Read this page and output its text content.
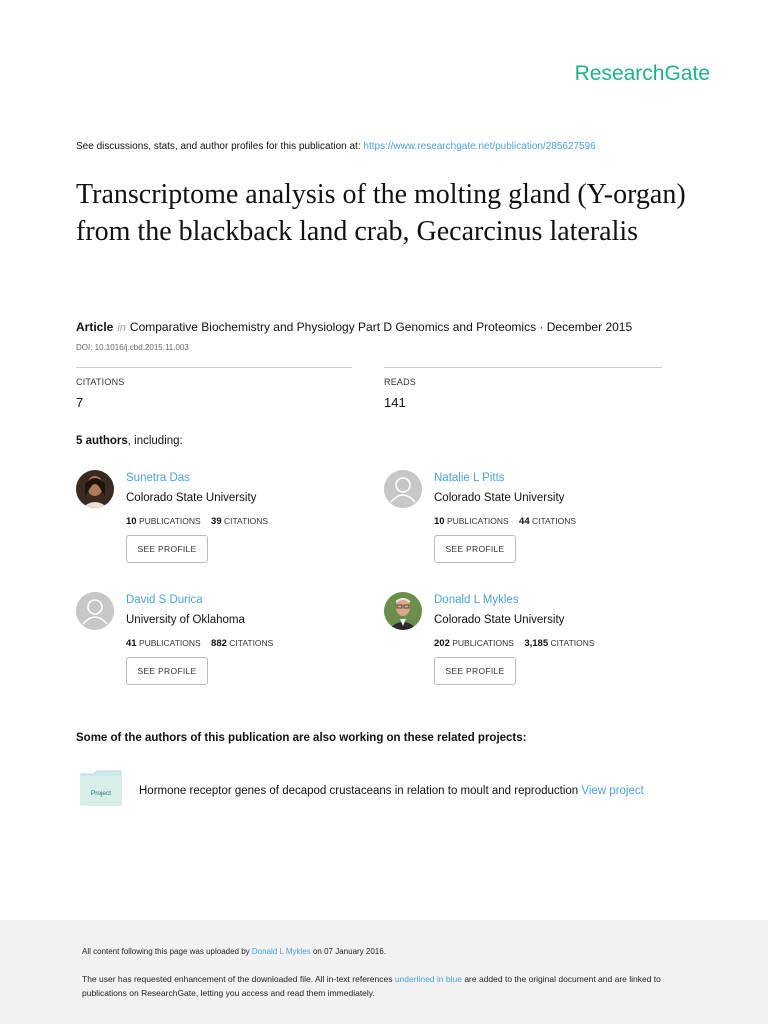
ResearchGate
See discussions, stats, and author profiles for this publication at: https://www.researchgate.net/publication/285627596
Transcriptome analysis of the molting gland (Y-organ) from the blackback land crab, Gecarcinus lateralis
Article in Comparative Biochemistry and Physiology Part D Genomics and Proteomics · December 2015
DOI: 10.1016/j.cbd.2015.11.003
CITATIONS
7
READS
141
5 authors, including:
Sunetra Das
Colorado State University
10 PUBLICATIONS 39 CITATIONS
SEE PROFILE
Natalie L Pitts
Colorado State University
10 PUBLICATIONS 44 CITATIONS
SEE PROFILE
David S Durica
University of Oklahoma
41 PUBLICATIONS 882 CITATIONS
SEE PROFILE
Donald L Mykles
Colorado State University
202 PUBLICATIONS 3,185 CITATIONS
SEE PROFILE
Some of the authors of this publication are also working on these related projects:
Project Hormone receptor genes of decapod crustaceans in relation to moult and reproduction View project
All content following this page was uploaded by Donald L Mykles on 07 January 2016.
The user has requested enhancement of the downloaded file. All in-text references underlined in blue are added to the original document and are linked to publications on ResearchGate, letting you access and read them immediately.
